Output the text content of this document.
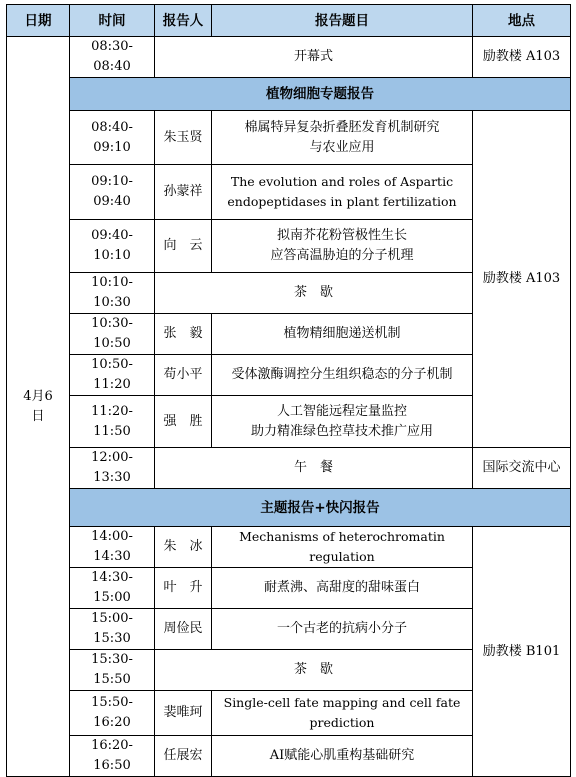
日期	时间	报告人	报告题目	地点
4月6
日	08:30-08:40	开幕式		励教楼 A103
	植物细胞专题报告			
	08:40-09:10	朱玉贤	棉属特异复杂折叠胚发育机制研究
与农业应用	励教楼 A103
	09:10-09:40	孙蒙祥	The evolution and roles of Aspartic
endopeptidases in plant fertilization	
	09:40-10:10	向　云	拟南芥花粉管极性生长
应答高温胁迫的分子机理	
	10:10-10:30	茶　歇		
	10:30-10:50	张　毅	植物精细胞递送机制	
	10:50-11:20	苟小平	受体激酶调控分生组织稳态的分子机制	
	11:20-11:50	强　胜	人工智能远程定量监控
助力精准绿色控草技术推广应用	
	12:00-13:30	午　餐		国际交流中心
	主题报告+快闪报告			
	14:00-14:30	朱　冰	Mechanisms of heterochromatin regulation	励教楼 B101
	14:30-15:00	叶　升	耐煮沸、高甜度的甜味蛋白	
	15:00-15:30	周俭民	一个古老的抗病小分子	
	15:30-15:50	茶　歇		
	15:50-16:20	裴唯珂	Single-cell fate mapping and cell fate
prediction	
	16:20-16:50	任展宏	AI赋能心肌重构基础研究	
